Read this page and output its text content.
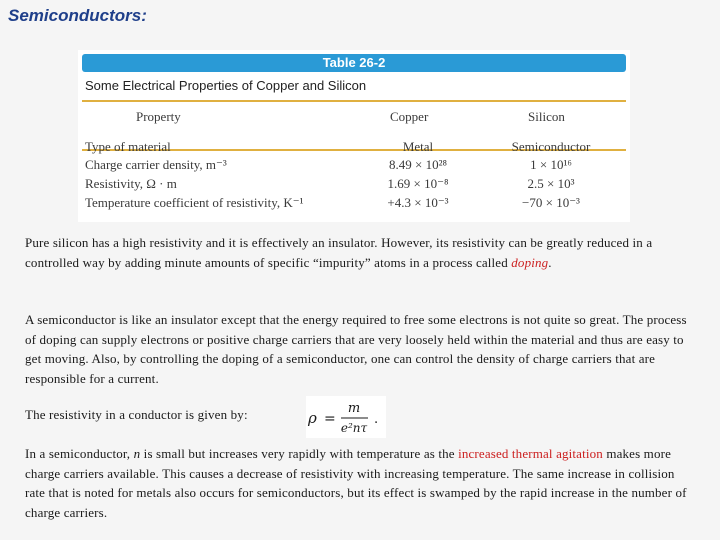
Semiconductors:
Table 26-2
Some Electrical Properties of Copper and Silicon
Property	Copper	Silicon
Type of material	Metal	Semiconductor
Charge carrier density, m⁻³	8.49 × 10²⁸	1 × 10¹⁶
Resistivity, Ω · m	1.69 × 10⁻⁸	2.5 × 10³
Temperature coefficient of resistivity, K⁻¹	+4.3 × 10⁻³	−70 × 10⁻³
Pure silicon has a high resistivity and it is effectively an insulator. However, its resistivity can be greatly reduced in a controlled way by adding minute amounts of specific “impurity” atoms in a process called doping.
A semiconductor is like an insulator except that the energy required to free some electrons is not quite so great. The process of doping can supply electrons or positive charge carriers that are very loosely held within the material and thus are easy to get moving. Also, by controlling the doping of a semiconductor, one can control the density of charge carriers that are responsible for a current.
The resistivity in a conductor is given by:	ρ =
m
e²nτ
.
In a semiconductor, n is small but increases very rapidly with temperature as the increased thermal agitation makes more charge carriers available. This causes a decrease of resistivity with increasing temperature. The same increase in collision rate that is noted for metals also occurs for semiconductors, but its effect is swamped by the rapid increase in the number of charge carriers.
